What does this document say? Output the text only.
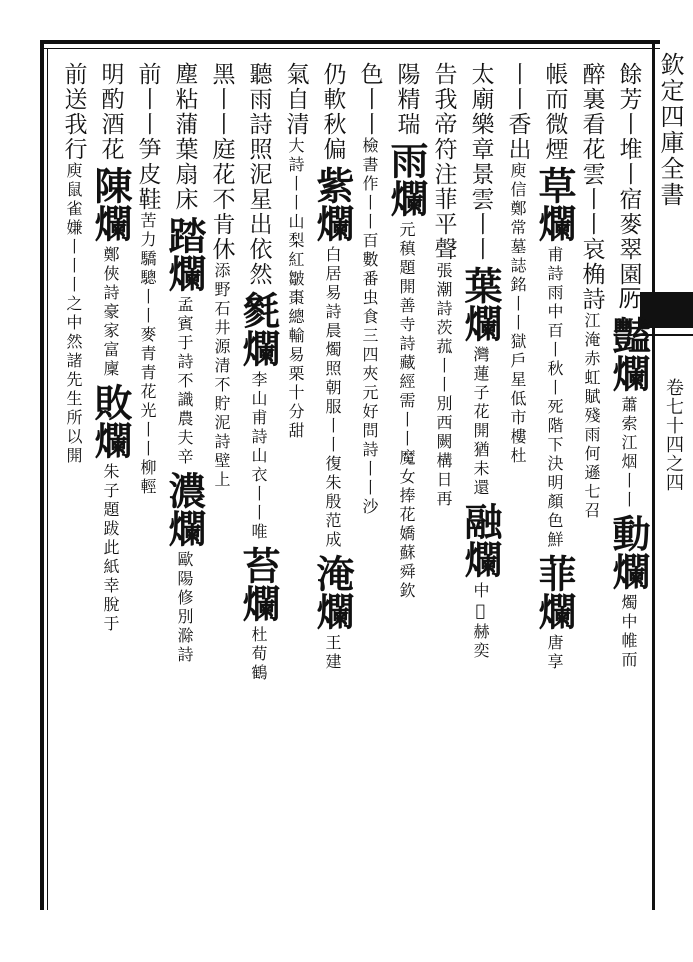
欽定四庫全書
卷七十四之四
餘芳丨堆丨宿麥翠園𠩄
豔爛
蕭索江烟丨丨
動爛
燭中帷而
醉裏看花雲丨丨哀桷詩
江淹赤虹賦殘雨
何遜七召
帳而微煙
草爛
甫詩雨中百丨秋丨死階下決明顏色鮮
菲爛
唐享
丨丨香出
庾信鄭常墓誌銘丨丨獄戶星低市樓杜
太廟樂章景雲丨丨
葉爛
灣蓮子花開猶未還
融爛
中𭈉赫奕
告我帝符注菲平聲
張潮詩茨菰丨丨別西
闕構日再
陽精瑞
雨爛
元稹題開善寺詩藏經需丨丨魔女捧花嬌蘇舜欽
色丨丨
檢書作丨丨百數番虫食三四夾元好問詩丨丨沙
仍軟秋偏
紫爛
白居易詩晨燭照朝服丨丨復朱殷范成
淹爛
王建
氣自清
大詩丨丨山梨紅皺棗總輸易栗十分甜
聽雨詩照泥星出依然
毿爛
李山甫詩山衣丨丨唯
苔爛
杜荀鶴
黑丨丨庭花不肯休
添野石井源清不貯泥
詩壁上
塵粘蒲葉扇床
踏爛
孟賓于詩不識農夫辛
濃爛
歐陽修別滁詩
前丨丨笋皮鞋
苦力驕驄丨丨麥青青
花光丨丨柳輕
明酌酒花
陳爛
鄭俠詩豪家富廩
敗爛
朱子題跋此紙幸脫于
前送我行
庾鼠雀嫌丨丨
丨之中然諸先生所以開
